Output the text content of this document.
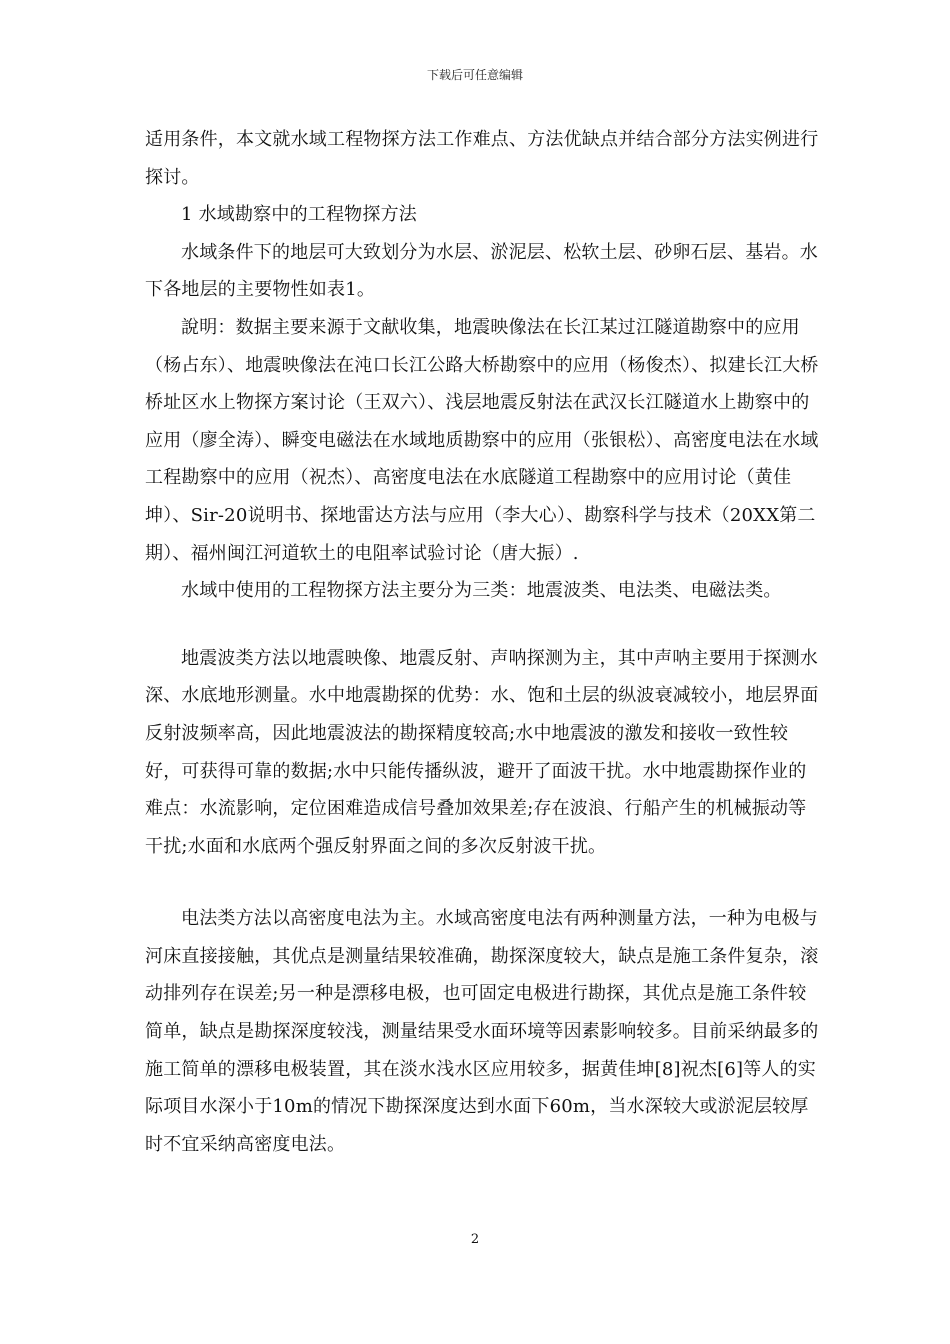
下载后可任意编辑

适用条件，本文就水域工程物探方法工作难点、方法优缺点并结合部分方法实例进行探讨。

1 水域勘察中的工程物探方法

水域条件下的地层可大致划分为水层、淤泥层、松软土层、砂卵石层、基岩。水下各地层的主要物性如表1。

說明：数据主要来源于文献收集，地震映像法在长江某过江隧道勘察中的应用（杨占东）、地震映像法在沌口长江公路大桥勘察中的应用（杨俊杰）、拟建长江大桥桥址区水上物探方案讨论（王双六）、浅层地震反射法在武汉长江隧道水上勘察中的应用（廖全涛）、瞬变电磁法在水域地质勘察中的应用（张银松）、高密度电法在水域工程勘察中的应用（祝杰）、高密度电法在水底隧道工程勘察中的应用讨论（黄佳坤）、Sir-20说明书、探地雷达方法与应用（李大心）、勘察科学与技术（20XX第二期）、福州闽江河道软土的电阻率试验讨论（唐大振）.

水域中使用的工程物探方法主要分为三类：地震波类、电法类、电磁法类。

地震波类方法以地震映像、地震反射、声呐探测为主，其中声呐主要用于探测水深、水底地形测量。水中地震勘探的优势：水、饱和土层的纵波衰减较小，地层界面反射波频率高，因此地震波法的勘探精度较高;水中地震波的激发和接收一致性较好，可获得可靠的数据;水中只能传播纵波，避开了面波干扰。水中地震勘探作业的难点：水流影响，定位困难造成信号叠加效果差;存在波浪、行船产生的机械振动等干扰;水面和水底两个强反射界面之间的多次反射波干扰。

电法类方法以高密度电法为主。水域高密度电法有两种测量方法，一种为电极与河床直接接触，其优点是测量结果较准确，勘探深度较大，缺点是施工条件复杂，滚动排列存在误差;另一种是漂移电极，也可固定电极进行勘探，其优点是施工条件较简单，缺点是勘探深度较浅，测量结果受水面环境等因素影响较多。目前采纳最多的施工简单的漂移电极装置，其在淡水浅水区应用较多，据黄佳坤[8]祝杰[6]等人的实际项目水深小于10m的情况下勘探深度达到水面下60m，当水深较大或淤泥层较厚时不宜采纳高密度电法。

2
